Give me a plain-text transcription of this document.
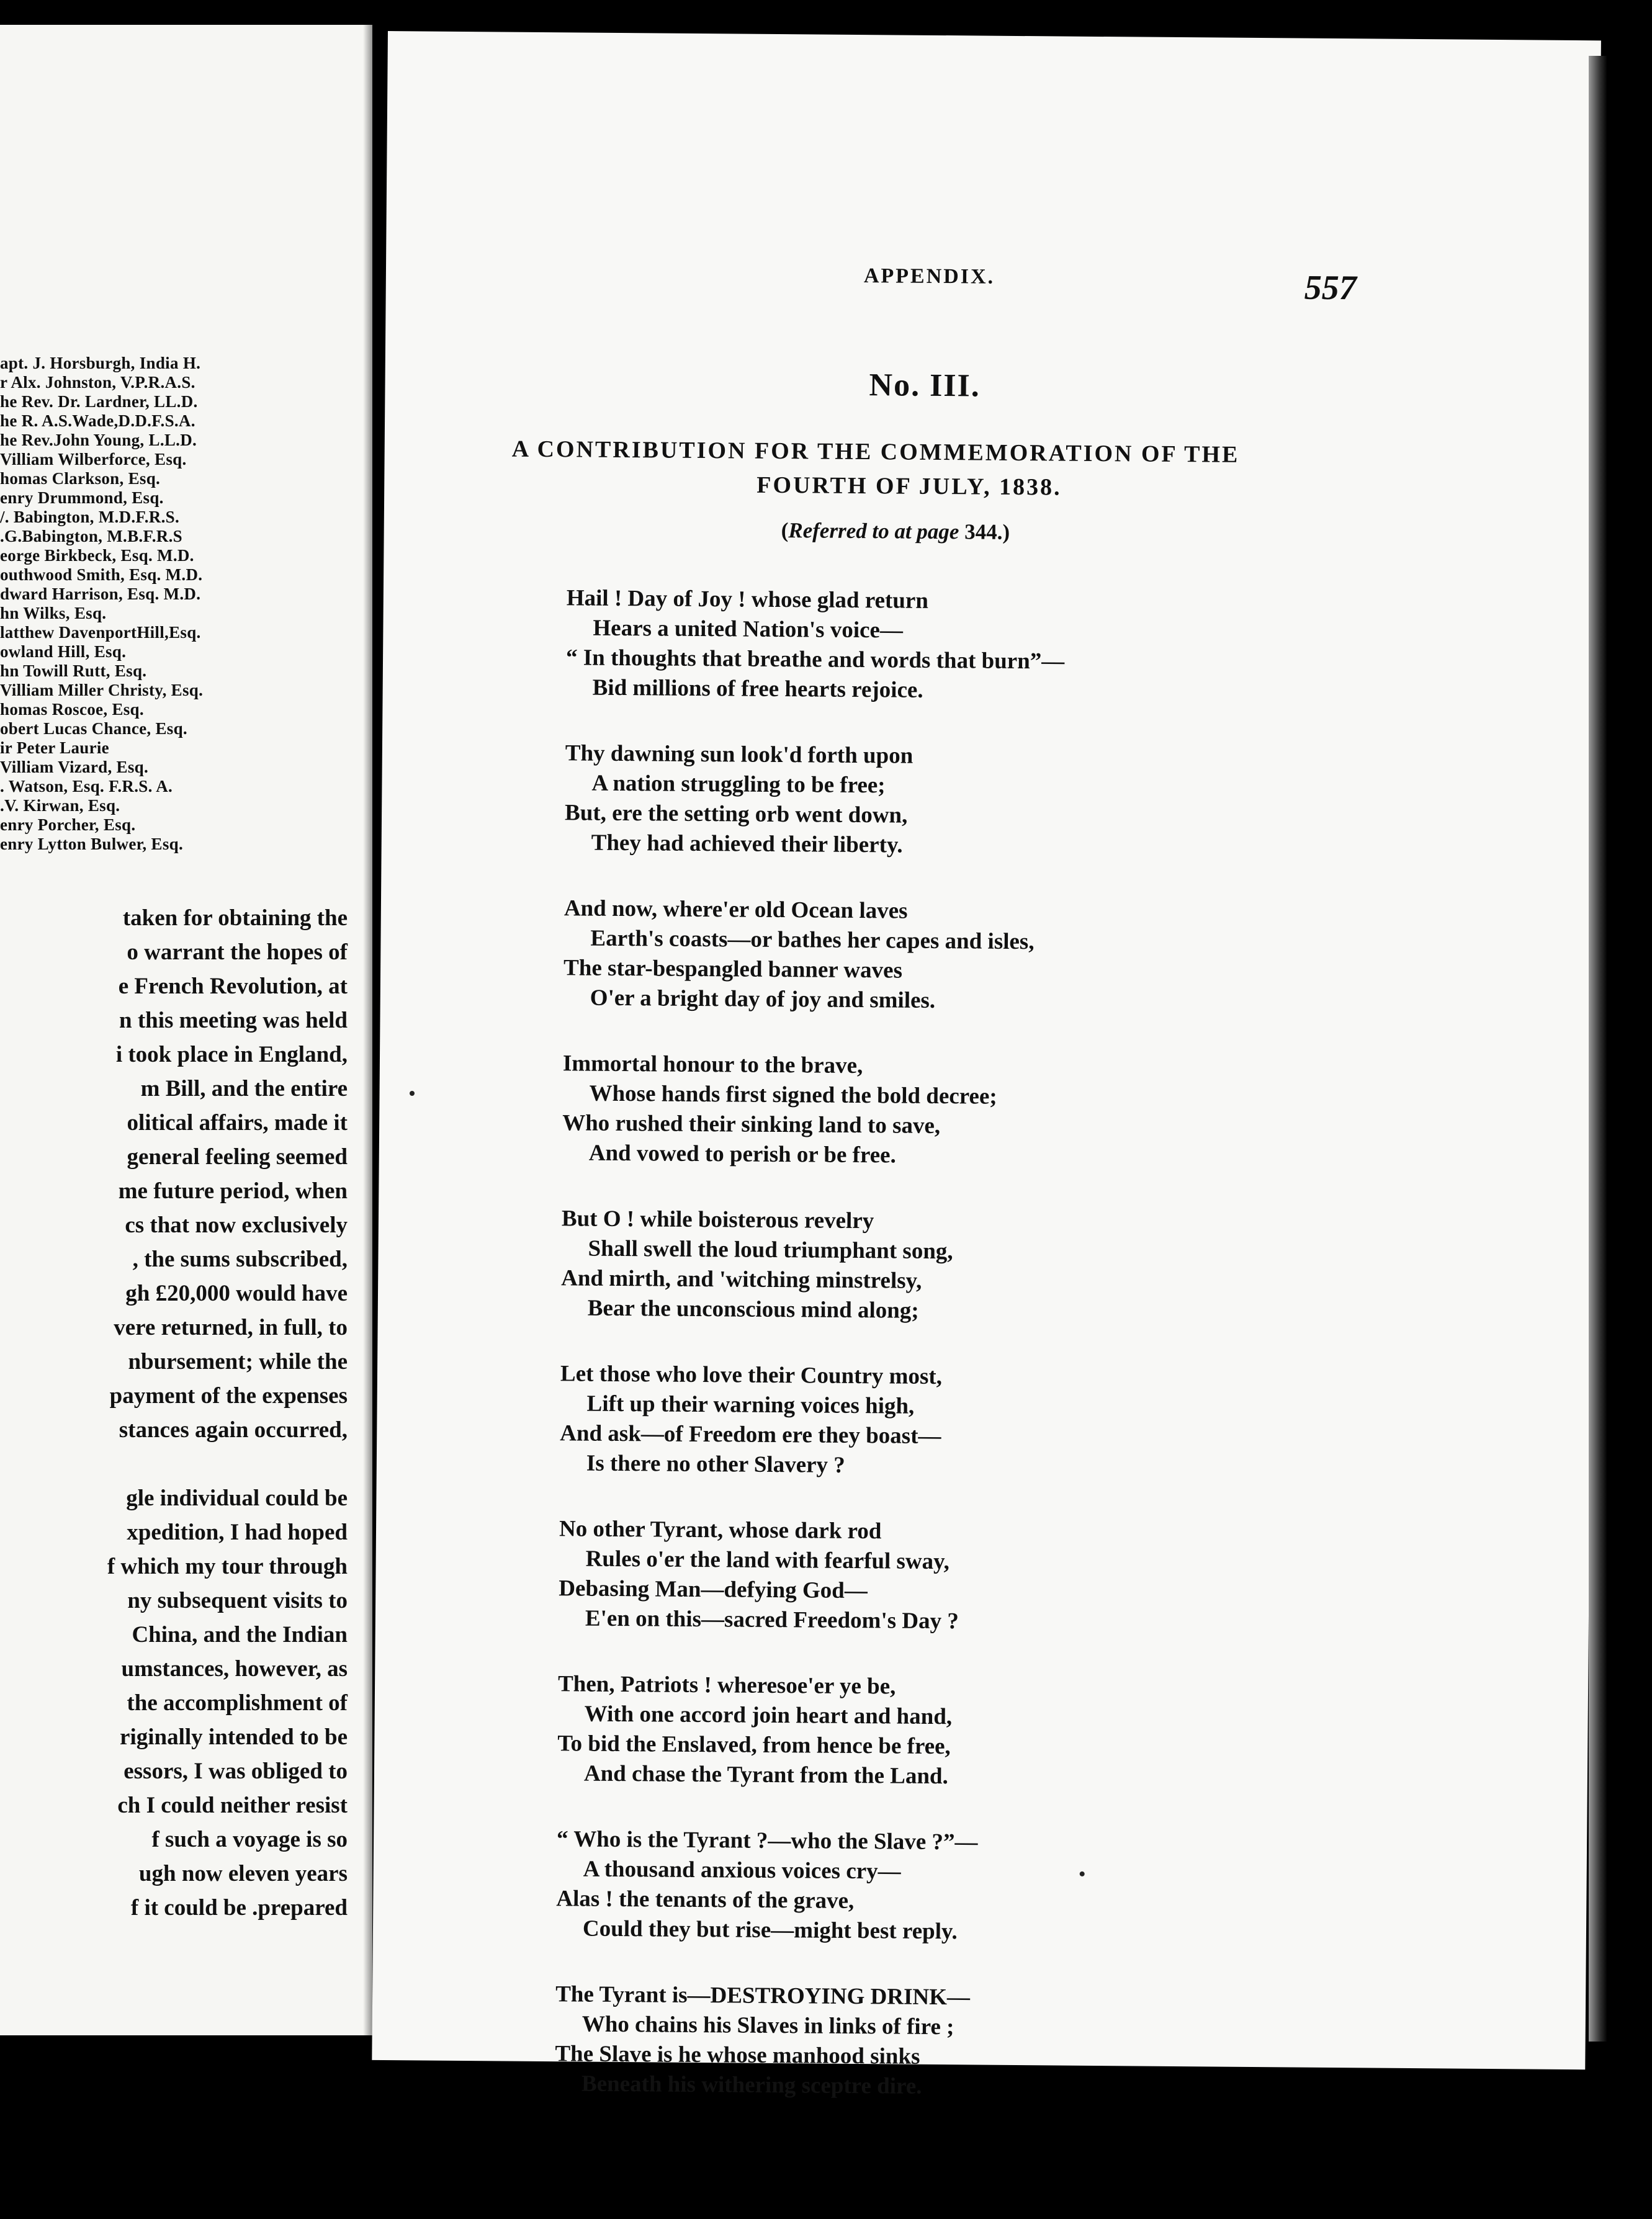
apt. J. Horsburgh, India H.
r Alx. Johnston, V.P.R.A.S.
he Rev. Dr. Lardner, LL.D.
he R. A.S.Wade,D.D.F.S.A.
he Rev.John Young, L.L.D.
Villiam Wilberforce, Esq.
homas Clarkson, Esq.
enry Drummond, Esq.
/. Babington, M.D.F.R.S.
.G.Babington, M.B.F.R.S
eorge Birkbeck, Esq. M.D.
outhwood Smith, Esq. M.D.
dward Harrison, Esq. M.D.
hn Wilks, Esq.
latthew DavenportHill,Esq.
owland Hill, Esq.
hn Towill Rutt, Esq.
Villiam Miller Christy, Esq.
homas Roscoe, Esq.
obert Lucas Chance, Esq.
ir Peter Laurie
Villiam Vizard, Esq.
. Watson, Esq. F.R.S. A.
.V. Kirwan, Esq.
enry Porcher, Esq.
enry Lytton Bulwer, Esq.
taken for obtaining the
o warrant the hopes of
e French Revolution, at
n this meeting was held
i took place in England,
m Bill, and the entire
olitical affairs, made it
general feeling seemed
me future period, when
cs that now exclusively
, the sums subscribed,
gh £20,000 would have
vere returned, in full, to
nbursement; while the
payment of the expenses
stances again occurred,
gle individual could be
xpedition, I had hoped
f which my tour through
ny subsequent visits to
China, and the Indian
umstances, however, as
the accomplishment of
riginally intended to be
essors, I was obliged to
ch I could neither resist
f such a voyage is so
ugh now eleven years
f it could be .prepared
APPENDIX.	557
No. III.
A CONTRIBUTION FOR THE COMMEMORATION OF THE
FOURTH OF JULY, 1838.
(Referred to at page 344.)
Hail ! Day of Joy ! whose glad return
Hears a united Nation's voice—
“ In thoughts that breathe and words that burn”—
Bid millions of free hearts rejoice.
Thy dawning sun look'd forth upon
A nation struggling to be free;
But, ere the setting orb went down,
They had achieved their liberty.
And now, where'er old Ocean laves
Earth's coasts—or bathes her capes and isles,
The star-bespangled banner waves
O'er a bright day of joy and smiles.
Immortal honour to the brave,
Whose hands first signed the bold decree;
Who rushed their sinking land to save,
And vowed to perish or be free.
But O ! while boisterous revelry
Shall swell the loud triumphant song,
And mirth, and 'witching minstrelsy,
Bear the unconscious mind along;
Let those who love their Country most,
Lift up their warning voices high,
And ask—of Freedom ere they boast—
Is there no other Slavery ?
No other Tyrant, whose dark rod
Rules o'er the land with fearful sway,
Debasing Man—defying God—
E'en on this—sacred Freedom's Day ?
Then, Patriots ! wheresoe'er ye be,
With one accord join heart and hand,
To bid the Enslaved, from hence be free,
And chase the Tyrant from the Land.
“ Who is the Tyrant ?—who the Slave ?”—
A thousand anxious voices cry—
Alas ! the tenants of the grave,
Could they but rise—might best reply.
The Tyrant is—DESTROYING DRINK—
Who chains his Slaves in links of fire ;
The Slave is he whose manhood sinks
Beneath his withering sceptre dire.
